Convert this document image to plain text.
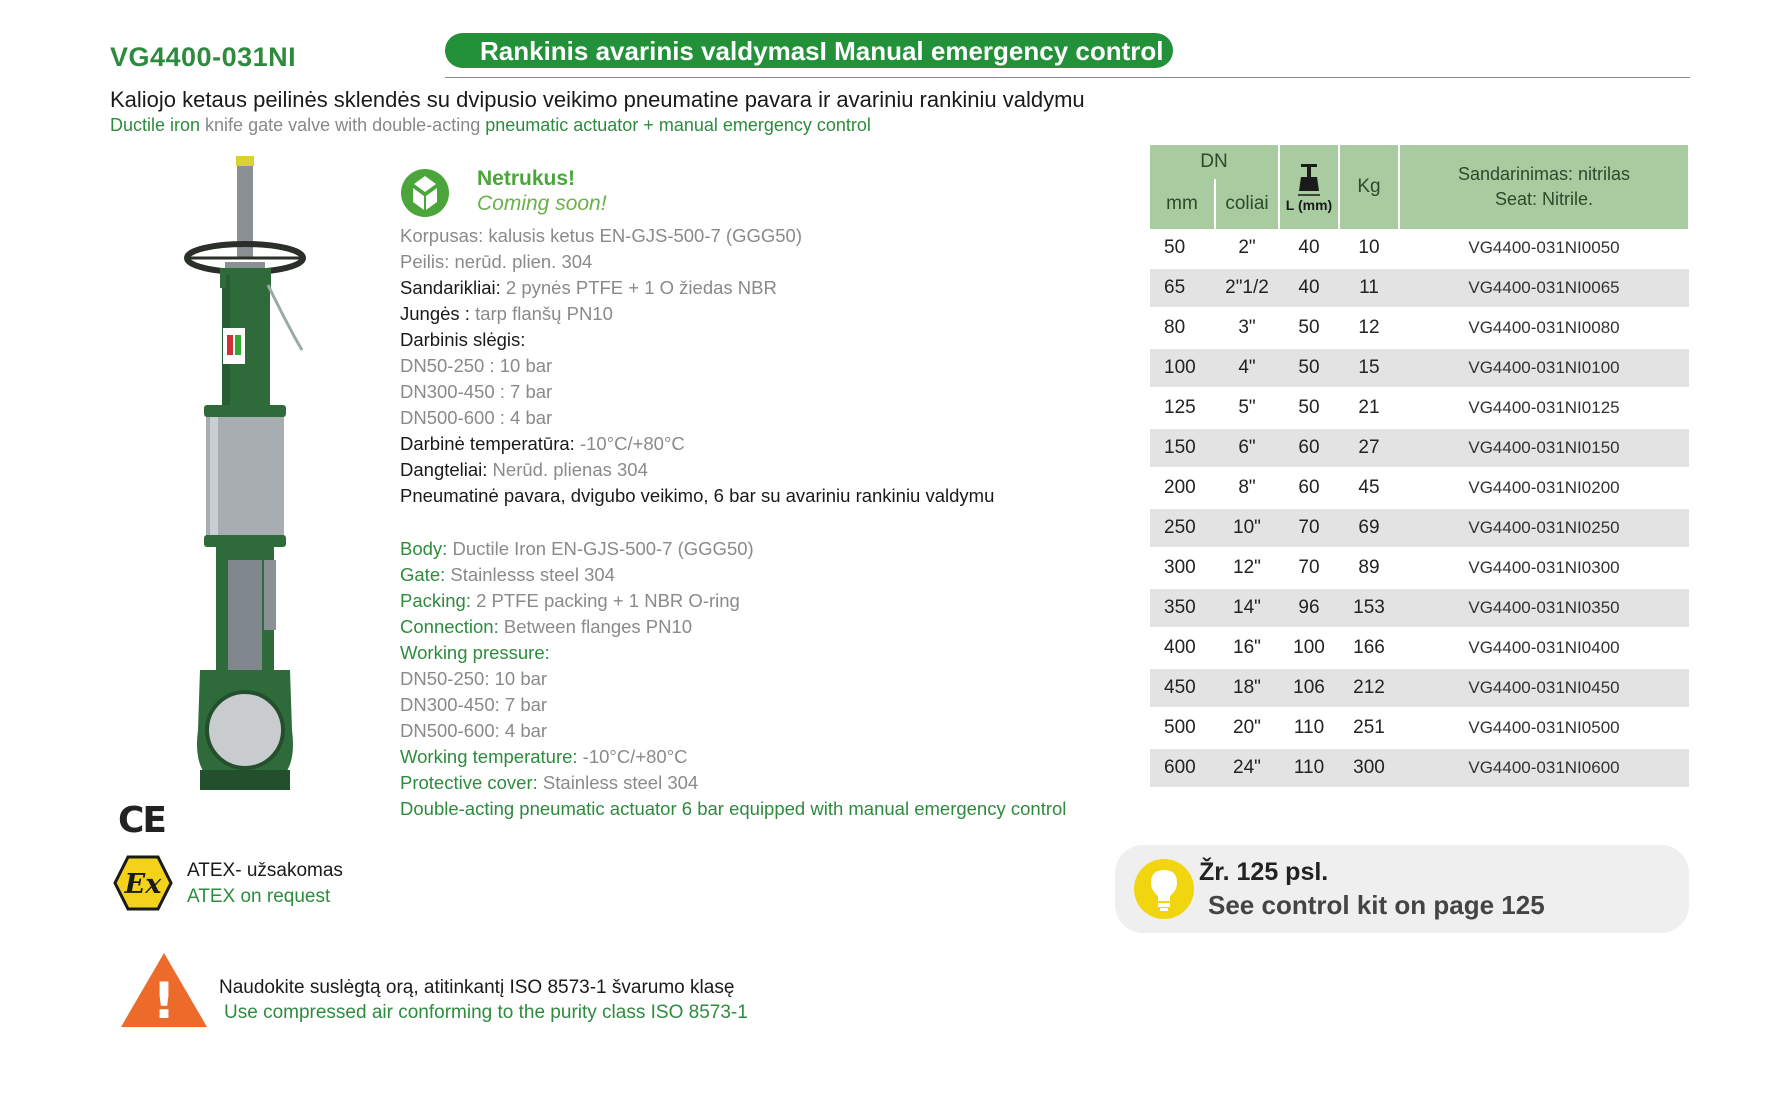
VG4400-031NI	Rankinis avarinis valdymasI Manual emergency control
Kaliojo ketaus peilinės sklendės su dvipusio veikimo pneumatine pavara ir avariniu rankiniu valdymu
Ductile iron knife gate valve with double-acting pneumatic actuator + manual emergency control
Netrukus!
Coming soon!
Korpusas: kalusis ketus EN-GJS-500-7 (GGG50)
Peilis: nerūd. plien. 304
Sandarikliai: 2 pynės PTFE + 1 O žiedas NBR
Jungės : tarp flanšų PN10
Darbinis slėgis:
DN50-250 : 10 bar
DN300-450 : 7 bar
DN500-600 : 4 bar
Darbinė temperatūra: -10°C/+80°C
Dangteliai: Nerūd. plienas 304
Pneumatinė pavara, dvigubo veikimo, 6 bar su avariniu rankiniu valdymu
Body: Ductile Iron EN-GJS-500-7 (GGG50)
Gate: Stainlesss steel 304
Packing: 2 PTFE packing + 1 NBR O-ring
Connection: Between flanges PN10
Working pressure:
DN50-250: 10 bar
DN300-450: 7 bar
DN500-600: 4 bar
Working temperature: -10°C/+80°C
Protective cover: Stainless steel 304
Double-acting pneumatic actuator 6 bar equipped with manual emergency control
DN		L (mm)	Kg	Sandarinimas: nitrilas
Seat: Nitrile.

mm	coliai			
50	2"	40	10	VG4400-031NI0050
65	2"1/2	40	11	VG4400-031NI0065
80	3"	50	12	VG4400-031NI0080
100	4"	50	15	VG4400-031NI0100
125	5"	50	21	VG4400-031NI0125
150	6"	60	27	VG4400-031NI0150
200	8"	60	45	VG4400-031NI0200
250	10"	70	69	VG4400-031NI0250
300	12"	70	89	VG4400-031NI0300
350	14"	96	153	VG4400-031NI0350
400	16"	100	166	VG4400-031NI0400
450	18"	106	212	VG4400-031NI0450
500	20"	110	251	VG4400-031NI0500
600	24"	110	300	VG4400-031NI0600
Žr. 125 psl.
See control kit on page 125
CE
Ex ATEX- užsakomas
ATEX on request
! Naudokite suslėgtą orą, atitinkantį ISO 8573-1 švarumo klasę
Use compressed air conforming to the purity class ISO 8573-1
